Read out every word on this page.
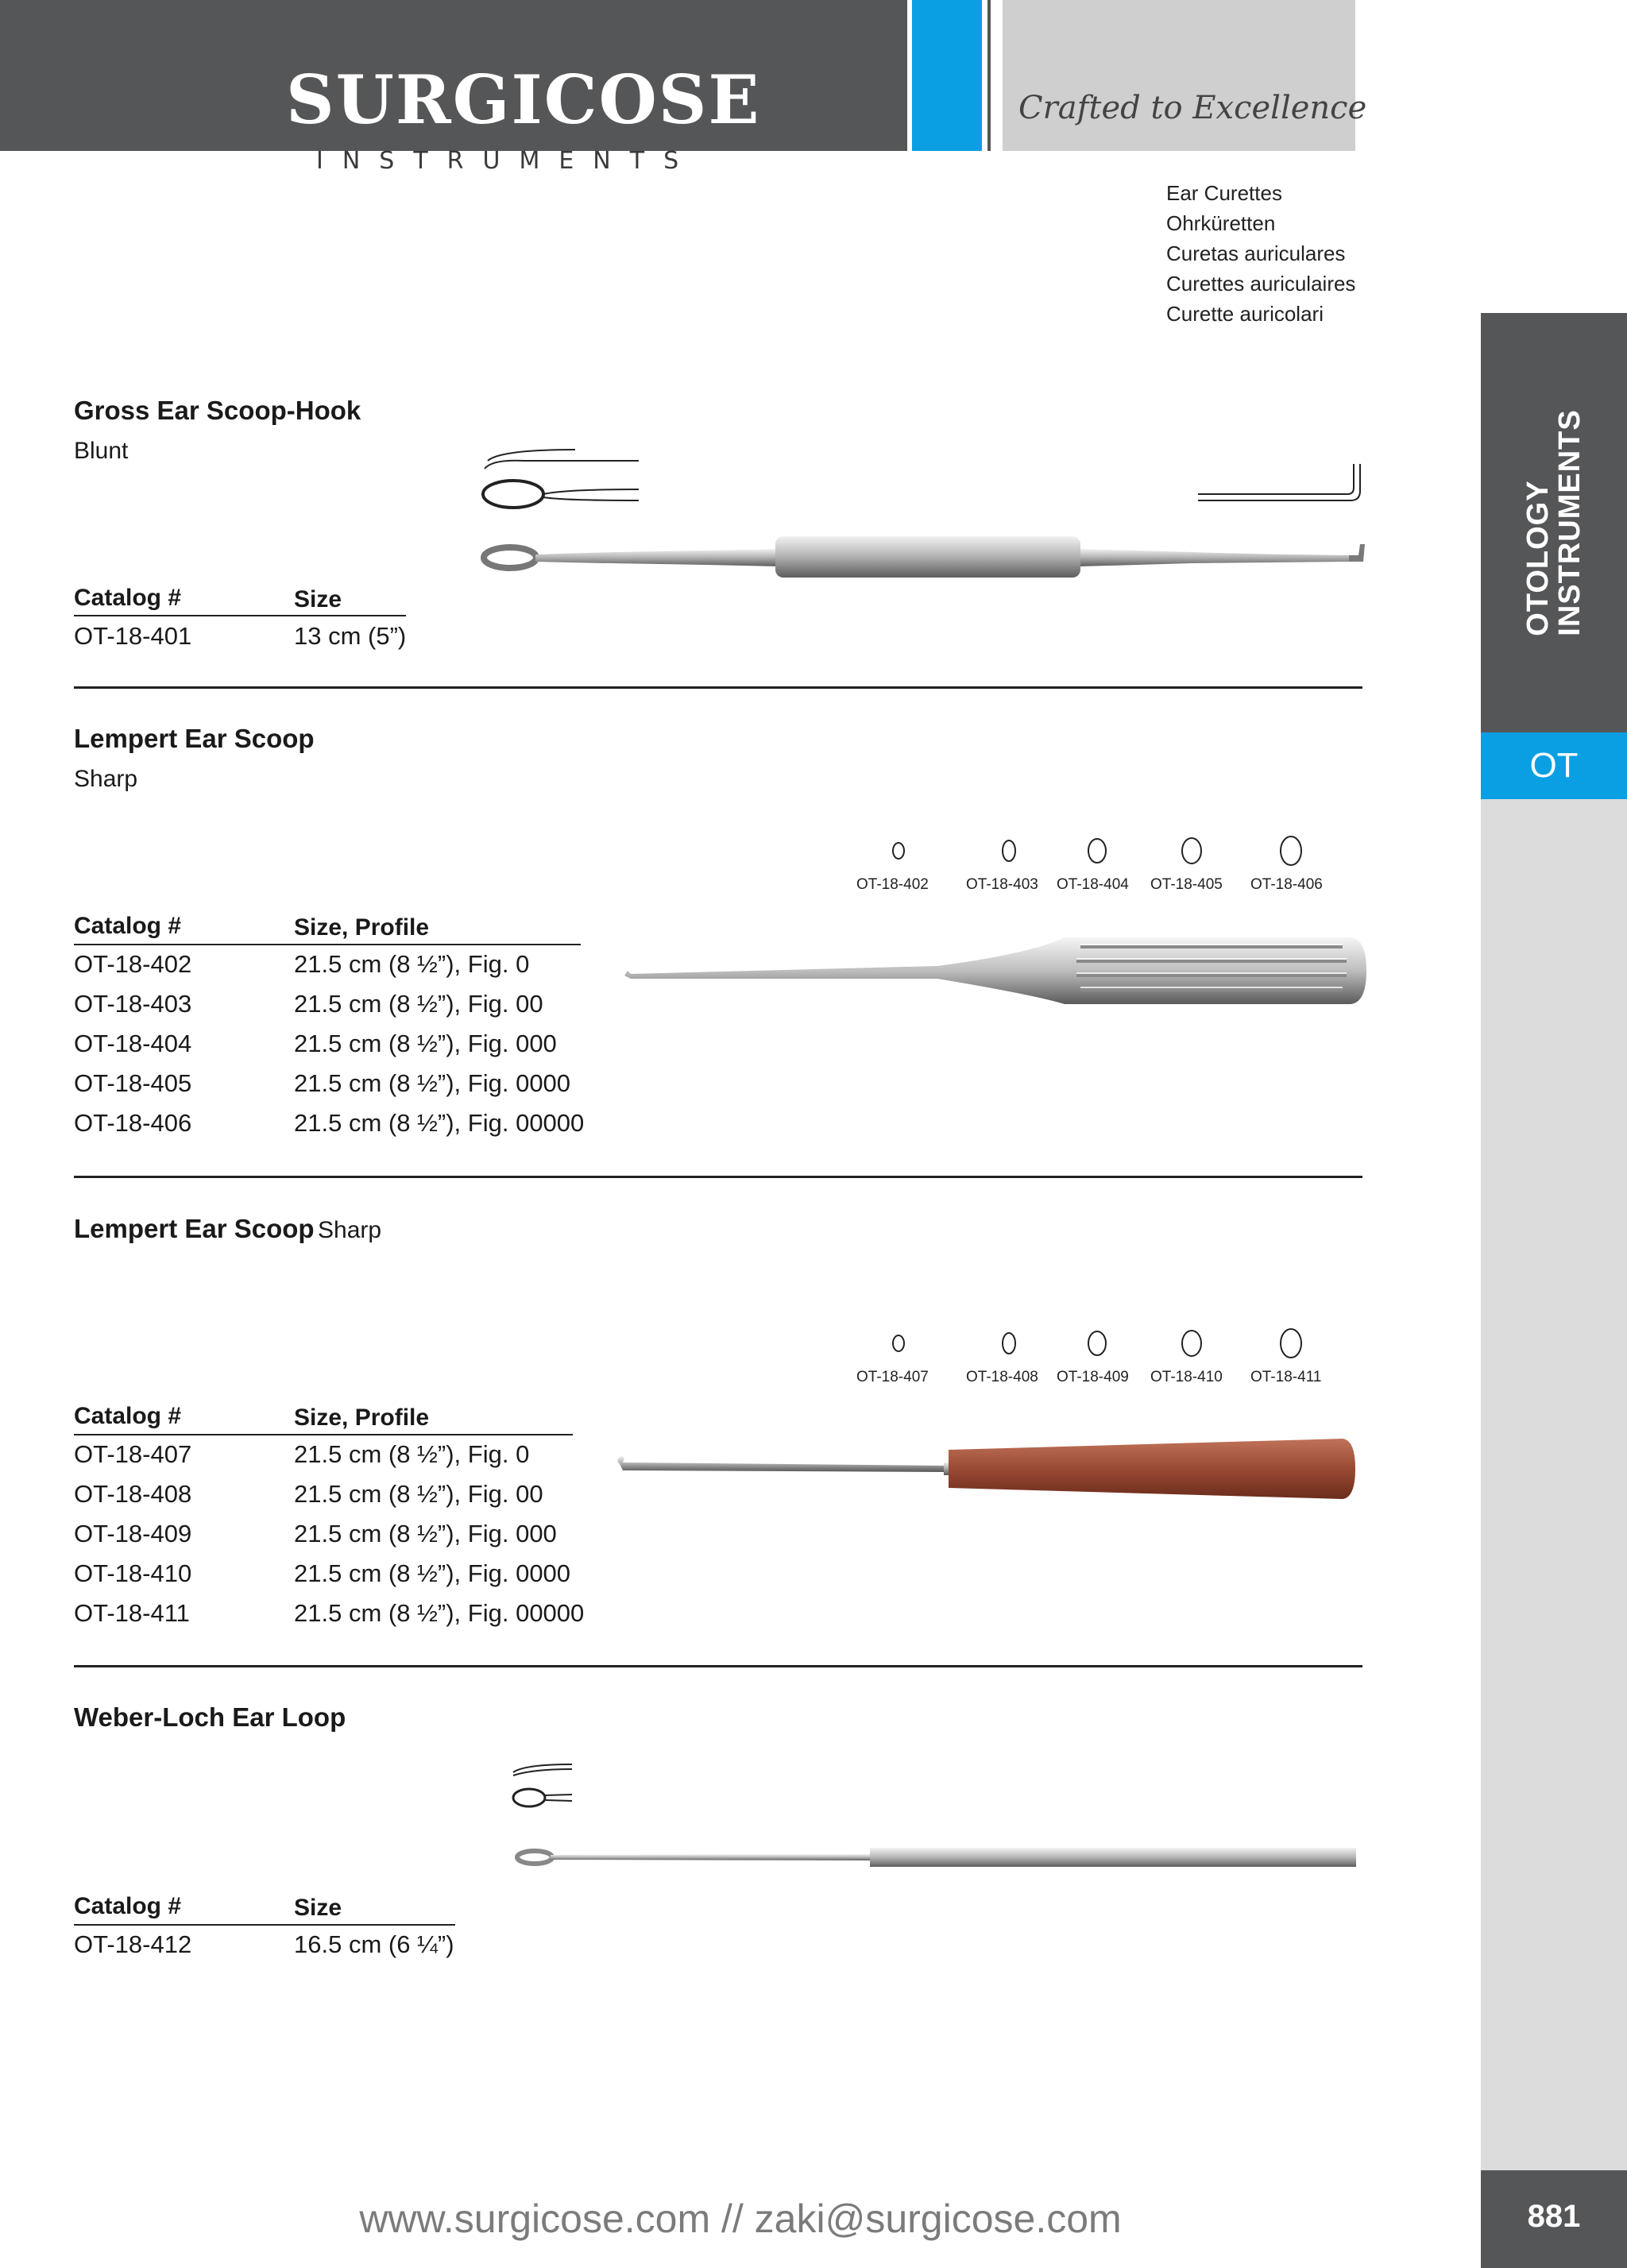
SURGICOSE
INSTRUMENTS
Crafted to Excellence
Ear Curettes
Ohrküretten
Curetas auriculares
Curettes auriculaires
Curette auricolari
OTOLOGY
INSTRUMENTS
OT
881
Gross Ear Scoop-Hook
Blunt
Catalog #	Size
OT-18-401	13 cm (5”)
Lempert Ear Scoop
Sharp
OT-18-402 OT-18-403 OT-18-404 OT-18-405 OT-18-406
Catalog #	Size, Profile
OT-18-402	21.5 cm (8 ½”), Fig. 0
OT-18-403	21.5 cm (8 ½”), Fig. 00
OT-18-404	21.5 cm (8 ½”), Fig. 000
OT-18-405	21.5 cm (8 ½”), Fig. 0000
OT-18-406	21.5 cm (8 ½”), Fig. 00000
Lempert Ear Scoop Sharp
OT-18-407 OT-18-408 OT-18-409 OT-18-410 OT-18-411
Catalog #	Size, Profile
OT-18-407	21.5 cm (8 ½”), Fig. 0
OT-18-408	21.5 cm (8 ½”), Fig. 00
OT-18-409	21.5 cm (8 ½”), Fig. 000
OT-18-410	21.5 cm (8 ½”), Fig. 0000
OT-18-411	21.5 cm (8 ½”), Fig. 00000
Weber-Loch Ear Loop
Catalog #	Size
OT-18-412	16.5 cm (6 ¼”)
www.surgicose.com // zaki@surgicose.com
